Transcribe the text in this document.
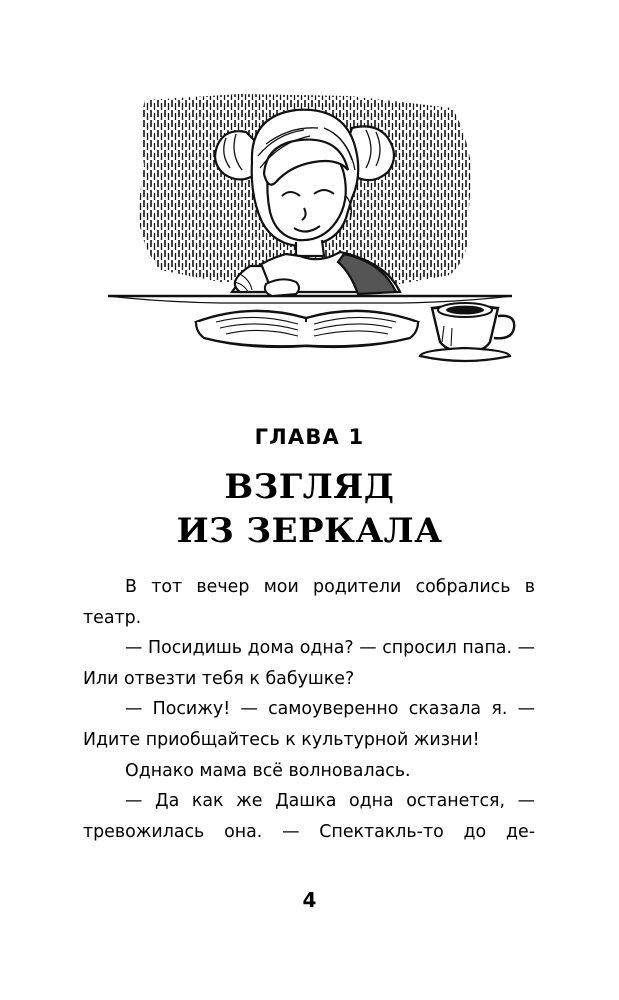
ГЛАВА 1
ВЗГЛЯД
ИЗ ЗЕРКАЛА

В тот вечер мои родители собрались в театр.

— Посидишь дома одна? — спросил папа. — Или отвезти тебя к бабушке?

— Посижу! — самоуверенно сказала я. — Идите приобщайтесь к культурной жизни!

Однако мама всё волновалась.

— Да как же Дашка одна останется, — тревожилась она. — Спектакль-то до де-

4
